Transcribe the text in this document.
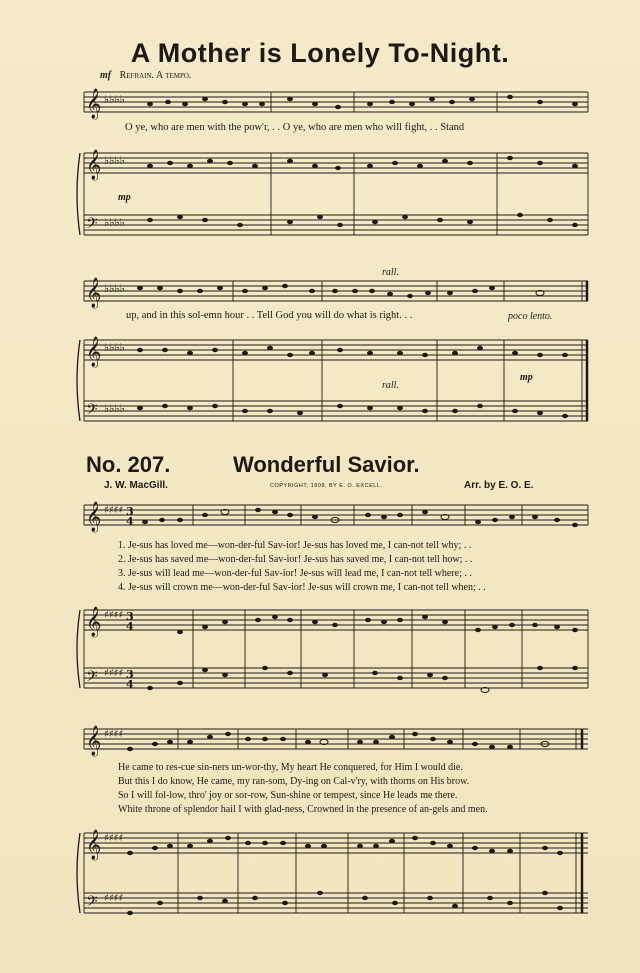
A Mother is Lonely To-Night.
mf Refrain. A tempo.
𝄞
𝄞
𝄢
𝄞
𝄞
𝄢
𝄞
𝄞
𝄢
𝄞
𝄞
𝄢
♭♭♭♭
♭♭♭♭
♭♭♭♭
♭♭♭♭
♭♭♭♭
♭♭♭♭
♯♯♯♯
♯♯♯♯
♯♯♯♯
♯♯♯♯
♯♯♯♯
♯♯♯♯
3
4
3
4
3
4
mp
O ye, who are men with the pow'r, . . O ye, who are men who will fight, . . Stand
rall.
up, and in this sol-emn hour . . Tell God you will do what is right. . .	poco lento.
rall.
mp
No. 207.	Wonderful Savior.
J. W. MacGill.	COPYRIGHT, 1909, BY E. O. EXCELL.	Arr. by E. O. E.
1. Je-sus has loved me—won-der-ful Sav-ior! Je-sus has loved me, I can-not tell why; . .
2. Je-sus has saved me—won-der-ful Sav-ior! Je-sus has saved me, I can-not tell how; . .
3. Je-sus will lead me—won-der-ful Sav-ior! Je-sus will lead me, I can-not tell where; . .
4. Je-sus will crown me—won-der-ful Sav-ior! Je-sus will crown me, I can-not tell when; . .
He came to res-cue sin-ners un-wor-thy, My heart He conquered, for Him I would die.
But this I do know, He came, my ran-som, Dy-ing on Cal-v'ry, with thorns on His brow.
So I will fol-low, thro' joy or sor-row, Sun-shine or tempest, since He leads me there.
White throne of splendor hail I with glad-ness, Crowned in the presence of an-gels and men.
